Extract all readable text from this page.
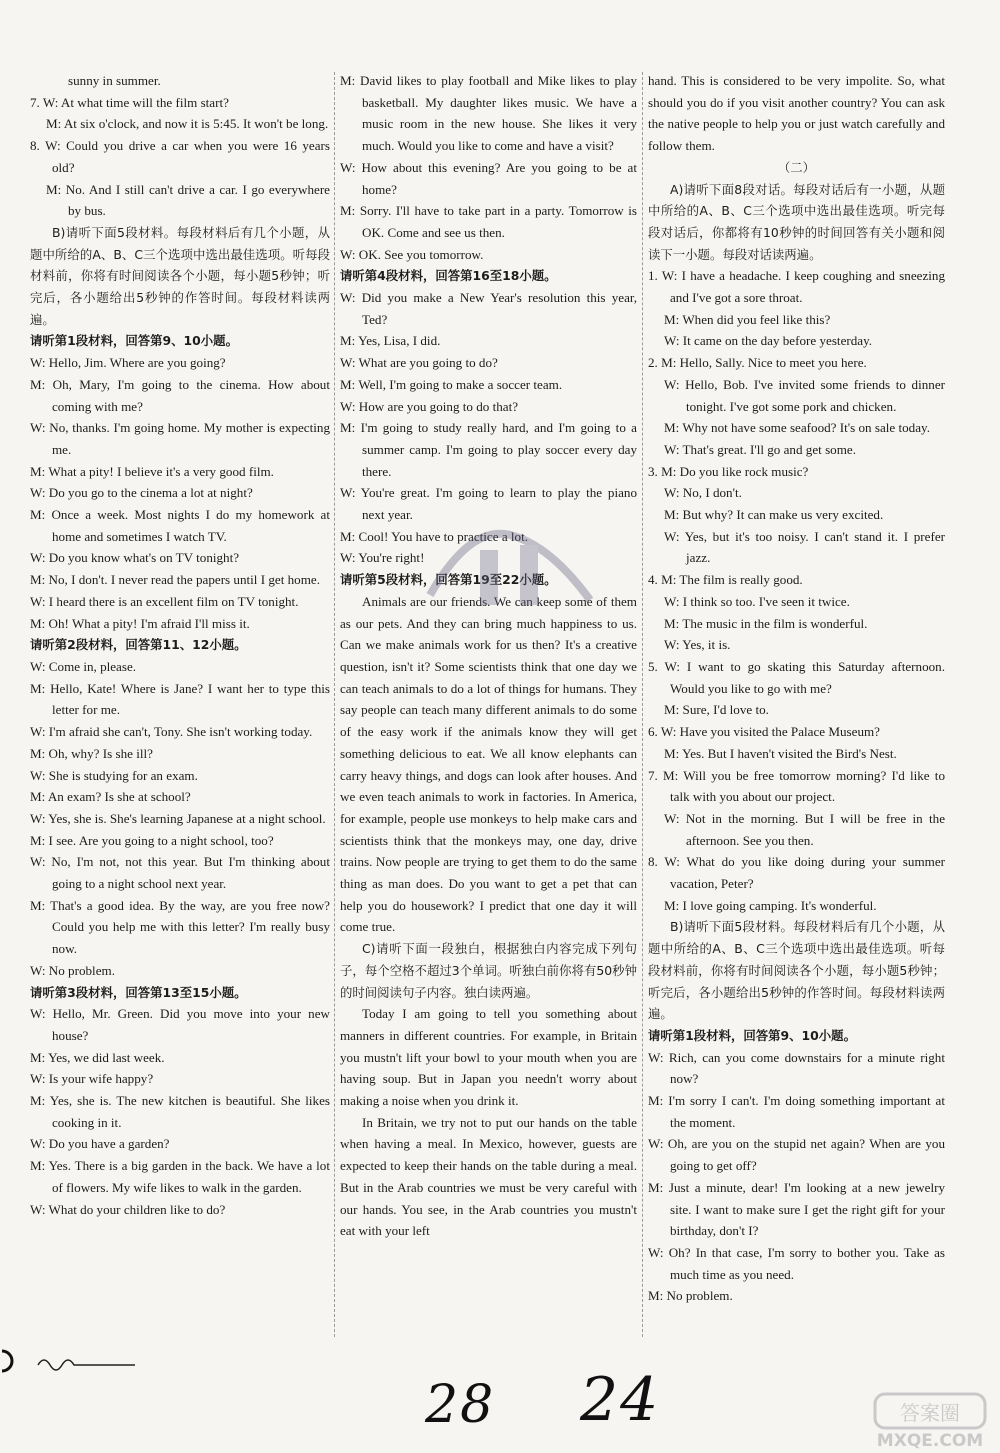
sunny in summer.

7. W: At what time will the film start?

M: At six o'clock, and now it is 5:45. It won't be long.

8. W: Could you drive a car when you were 16 years old?

M: No. And I still can't drive a car. I go everywhere by bus.

B)请听下面5段材料。每段材料后有几个小题，从题中所给的A、B、C三个选项中选出最佳选项。听每段材料前，你将有时间阅读各个小题，每小题5秒钟；听完后，各小题给出5秒钟的作答时间。每段材料读两遍。

请听第1段材料，回答第9、10小题。

W: Hello, Jim. Where are you going?

M: Oh, Mary, I'm going to the cinema. How about coming with me?

W: No, thanks. I'm going home. My mother is expecting me.

M: What a pity! I believe it's a very good film.

W: Do you go to the cinema a lot at night?

M: Once a week. Most nights I do my homework at home and sometimes I watch TV.

W: Do you know what's on TV tonight?

M: No, I don't. I never read the papers until I get home.

W: I heard there is an excellent film on TV tonight.

M: Oh! What a pity! I'm afraid I'll miss it.

请听第2段材料，回答第11、12小题。

W: Come in, please.

M: Hello, Kate! Where is Jane? I want her to type this letter for me.

W: I'm afraid she can't, Tony. She isn't working today.

M: Oh, why? Is she ill?

W: She is studying for an exam.

M: An exam? Is she at school?

W: Yes, she is. She's learning Japanese at a night school.

M: I see. Are you going to a night school, too?

W: No, I'm not, not this year. But I'm thinking about going to a night school next year.

M: That's a good idea. By the way, are you free now? Could you help me with this letter? I'm really busy now.

W: No problem.

请听第3段材料，回答第13至15小题。

W: Hello, Mr. Green. Did you move into your new house?

M: Yes, we did last week.

W: Is your wife happy?

M: Yes, she is. The new kitchen is beautiful. She likes cooking in it.

W: Do you have a garden?

M: Yes. There is a big garden in the back. We have a lot of flowers. My wife likes to walk in the garden.

W: What do your children like to do?

M: David likes to play football and Mike likes to play basketball. My daughter likes music. We have a music room in the new house. She likes it very much. Would you like to come and have a visit?

W: How about this evening? Are you going to be at home?

M: Sorry. I'll have to take part in a party. Tomorrow is OK. Come and see us then.

W: OK. See you tomorrow.

请听第4段材料，回答第16至18小题。

W: Did you make a New Year's resolution this year, Ted?

M: Yes, Lisa, I did.

W: What are you going to do?

M: Well, I'm going to make a soccer team.

W: How are you going to do that?

M: I'm going to study really hard, and I'm going to a summer camp. I'm going to play soccer every day there.

W: You're great. I'm going to learn to play the piano next year.

M: Cool! You have to practice a lot.

W: You're right!

请听第5段材料，回答第19至22小题。

Animals are our friends. We can keep some of them as our pets. And they can bring much happiness to us. Can we make animals work for us then? It's a creative question, isn't it? Some scientists think that one day we can teach animals to do a lot of things for humans. They say people can teach many different animals to do some of the easy work if the animals know they will get something delicious to eat. We all know elephants can carry heavy things, and dogs can look after houses. And we even teach animals to work in factories. In America, for example, people use monkeys to help make cars and scientists think that the monkeys may, one day, drive trains. Now people are trying to get them to do the same thing as man does. Do you want to get a pet that can help you do housework? I predict that one day it will come true.

C)请听下面一段独白，根据独白内容完成下列句子，每个空格不超过3个单词。听独白前你将有50秒钟的时间阅读句子内容。独白读两遍。

Today I am going to tell you something about manners in different countries. For example, in Britain you mustn't lift your bowl to your mouth when you are having soup. But in Japan you needn't worry about making a noise when you drink it.

In Britain, we try not to put our hands on the table when having a meal. In Mexico, however, guests are expected to keep their hands on the table during a meal. But in the Arab countries we must be very careful with our hands. You see, in the Arab countries you mustn't eat with your left

hand. This is considered to be very impolite. So, what should you do if you visit another country? You can ask the native people to help you or just watch carefully and follow them.

（二）

A)请听下面8段对话。每段对话后有一小题，从题中所给的A、B、C三个选项中选出最佳选项。听完每段对话后，你都将有10秒钟的时间回答有关小题和阅读下一小题。每段对话读两遍。

1. W: I have a headache. I keep coughing and sneezing and I've got a sore throat.

M: When did you feel like this?

W: It came on the day before yesterday.

2. M: Hello, Sally. Nice to meet you here.

W: Hello, Bob. I've invited some friends to dinner tonight. I've got some pork and chicken.

M: Why not have some seafood? It's on sale today.

W: That's great. I'll go and get some.

3. M: Do you like rock music?

W: No, I don't.

M: But why? It can make us very excited.

W: Yes, but it's too noisy. I can't stand it. I prefer jazz.

4. M: The film is really good.

W: I think so too. I've seen it twice.

M: The music in the film is wonderful.

W: Yes, it is.

5. W: I want to go skating this Saturday afternoon. Would you like to go with me?

M: Sure, I'd love to.

6. W: Have you visited the Palace Museum?

M: Yes. But I haven't visited the Bird's Nest.

7. M: Will you be free tomorrow morning? I'd like to talk with you about our project.

W: Not in the morning. But I will be free in the afternoon. See you then.

8. W: What do you like doing during your summer vacation, Peter?

M: I love going camping. It's wonderful.

B)请听下面5段材料。每段材料后有几个小题，从题中所给的A、B、C三个选项中选出最佳选项。听每段材料前，你将有时间阅读各个小题，每小题5秒钟；听完后，各小题给出5秒钟的作答时间。每段材料读两遍。

请听第1段材料，回答第9、10小题。

W: Rich, can you come downstairs for a minute right now?

M: I'm sorry I can't. I'm doing something important at the moment.

W: Oh, are you on the stupid net again? When are you going to get off?

M: Just a minute, dear! I'm looking at a new jewelry site. I want to make sure I get the right gift for your birthday, don't I?

W: Oh? In that case, I'm sorry to bother you. Take as much time as you need.

M: No problem.

28 24	答案圈
MXQE.COM
